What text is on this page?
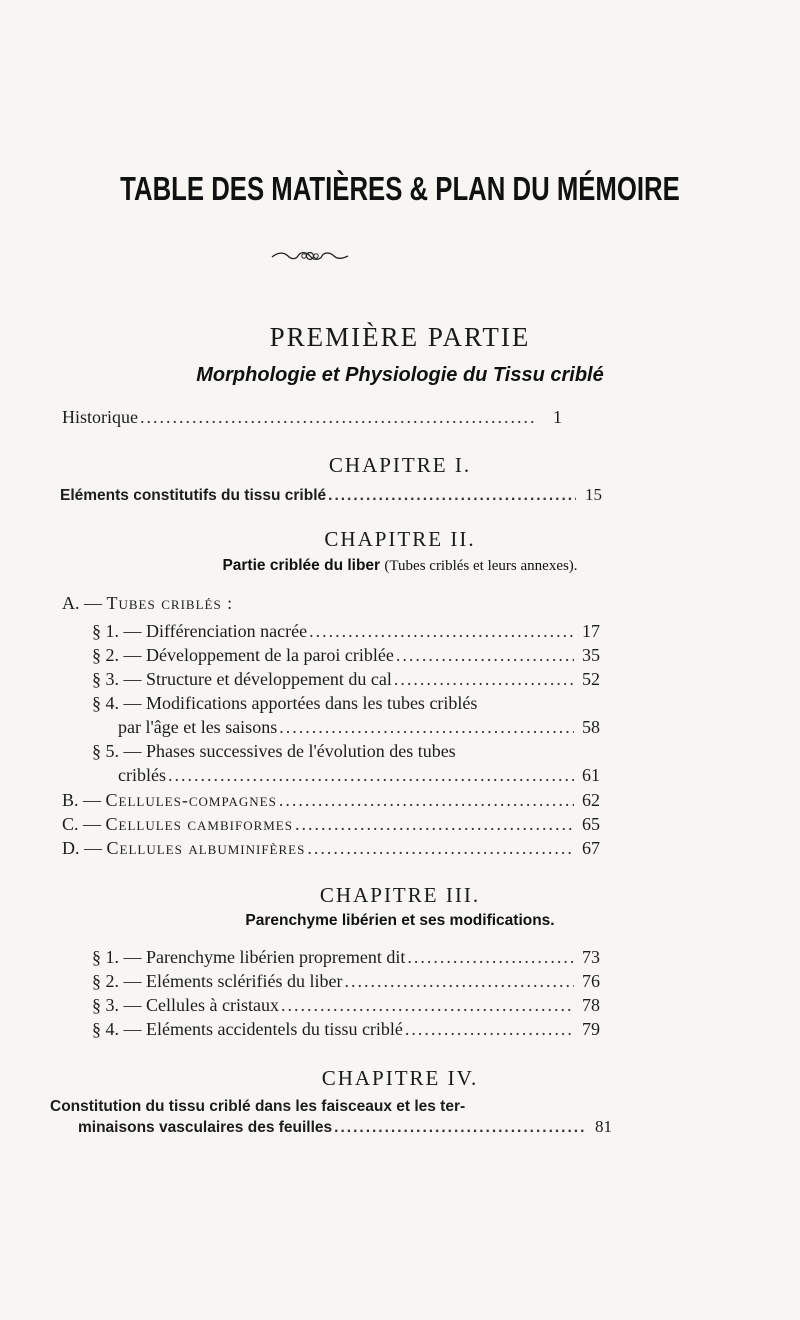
TABLE DES MATIÈRES & PLAN DU MÉMOIRE
PREMIÈRE PARTIE
Morphologie et Physiologie du Tissu criblé
Historique .....	1
CHAPITRE I.
Eléments constitutifs du tissu criblé .....	15
CHAPITRE II.
Partie criblée du liber (Tubes criblés et leurs annexes).
A. — Tubes criblés :
§ 1. — Différenciation nacrée .....	17
§ 2. — Développement de la paroi criblée .....	35
§ 3. — Structure et développement du cal .....	52
§ 4. — Modifications apportées dans les tubes criblés
par l'âge et les saisons .....	58
§ 5. — Phases successives de l'évolution des tubes
criblés .....	61
B. — Cellules-compagnes .....	62
C. — Cellules cambiformes .....	65
D. — Cellules albuminifères .....	67
CHAPITRE III.
Parenchyme libérien et ses modifications.
§ 1. — Parenchyme libérien proprement dit .....	73
§ 2. — Eléments sclérifiés du liber .....	76
§ 3. — Cellules à cristaux .....	78
§ 4. — Eléments accidentels du tissu criblé .....	79
CHAPITRE IV.
Constitution du tissu criblé dans les faisceaux et les ter-
minaisons vasculaires des feuilles .....	81
